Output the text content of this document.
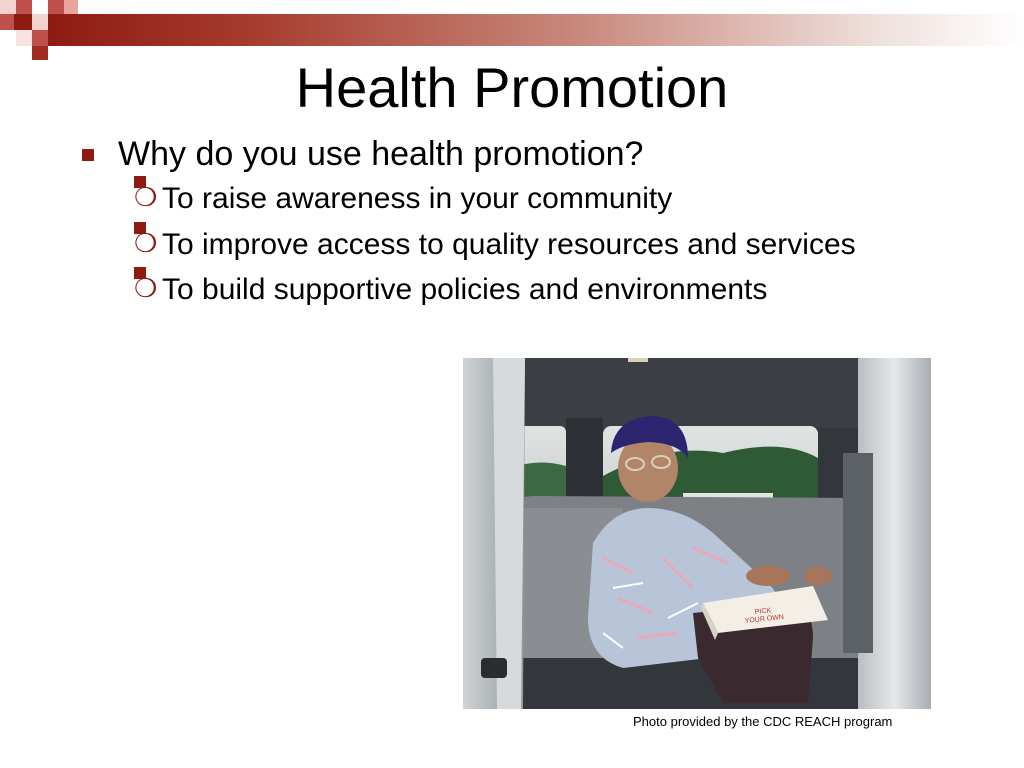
Health Promotion
Why do you use health promotion?
❍ To raise awareness in your community
❍ To improve access to quality resources and services
❍ To build supportive policies and environments
PICK
YOUR OWN
Photo provided by the CDC REACH program
